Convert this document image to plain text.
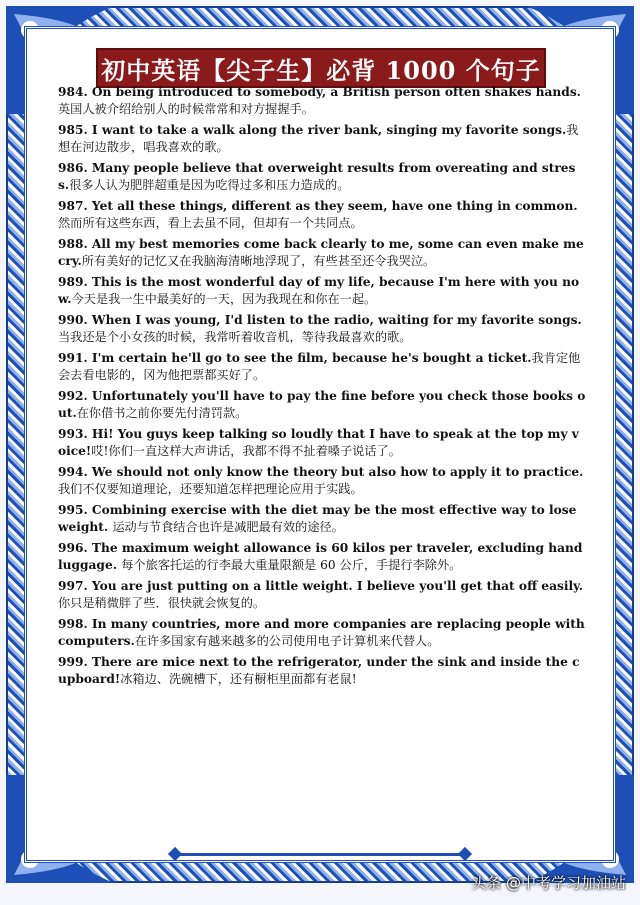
初中英语【尖子生】必背 1000 个句子

984. On being introduced to somebody, a British person often shakes hands.英国人被介绍给别人的时候常常和对方握握手。

985. I want to take a walk along the river bank, singing my favorite songs.我想在河边散步，唱我喜欢的歌。

986. Many people believe that overweight results from overeating and stress.很多人认为肥胖超重是因为吃得过多和压力造成的。

987. Yet all these things, different as they seem, have one thing in common.然而所有这些东西，看上去虽不同，但却有一个共同点。

988. All my best memories come back clearly to me, some can even make me cry.所有美好的记忆又在我脑海清晰地浮现了，有些甚至还令我哭泣。

989. This is the most wonderful day of my life, because I'm here with you now.今天是我一生中最美好的一天，因为我现在和你在一起。

990. When I was young, I'd listen to the radio, waiting for my favorite songs.当我还是个小女孩的时候，我常听着收音机，等待我最喜欢的歌。

991. I'm certain he'll go to see the film, because he's bought a ticket.我肯定他会去看电影的，冈为他把票都买好了。

992. Unfortunately you'll have to pay the fine before you check those books out.在你借书之前你要先付清罚款。

993. Hi! You guys keep talking so loudly that I have to speak at the top my voice!哎!你们一直这样大声讲话，我都不得不扯着嗓子说话了。

994. We should not only know the theory but also how to apply it to practice.我们不仅要知道理论，还要知道怎样把理论应用于实践。

995. Combining exercise with the diet may be the most effective way to lose weight. 运动与节食结合也许是减肥最有效的途径。

996. The maximum weight allowance is 60 kilos per traveler, excluding hand luggage. 每个旅客托运的行李最大重量限额是 60 公斤，手提行李除外。

997. You are just putting on a little weight. I believe you'll get that off easily.你只是稍微胖了些．很快就会恢复的。

998. In many countries, more and more companies are replacing people with computers.在许多国家有越来越多的公司使用电子计算机来代替人。

999. There are mice next to the refrigerator, under the sink and inside the cupboard!冰箱边、洗碗槽下，还有橱柜里面都有老鼠!

头条 @中考学习加油站
